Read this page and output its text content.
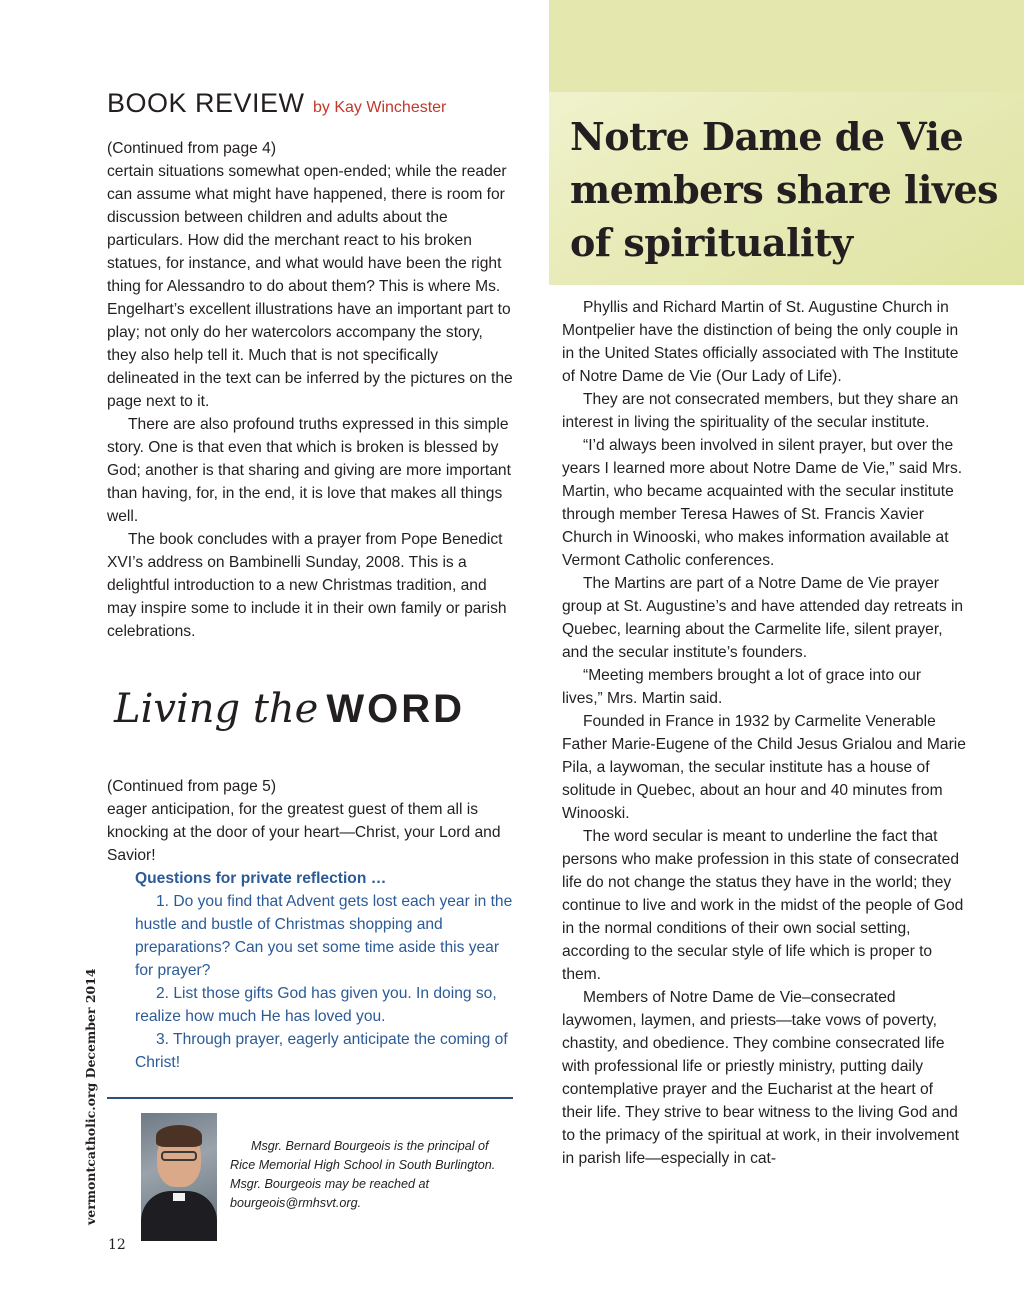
Notre Dame de Vie members share lives of spirituality
BOOK REVIEW by Kay Winchester

(Continued from page 4)

certain situations somewhat open-ended; while the reader can assume what might have happened, there is room for discussion between children and adults about the particulars. How did the merchant react to his broken statues, for instance, and what would have been the right thing for Alessandro to do about them? This is where Ms. Engelhart’s excellent illustrations have an important part to play; not only do her watercolors accompany the story, they also help tell it. Much that is not specifically delineated in the text can be inferred by the pictures on the page next to it.

There are also profound truths expressed in this simple story. One is that even that which is broken is blessed by God; another is that sharing and giving are more important than having, for, in the end, it is love that makes all things well.

The book concludes with a prayer from Pope Benedict XVI’s address on Bambinelli Sunday, 2008. This is a delightful introduction to a new Christmas tradition, and may inspire some to include it in their own family or parish celebrations.

Living the WORD

(Continued from page 5)

eager anticipation, for the greatest guest of them all is knocking at the door of your heart—Christ, your Lord and Savior!

Questions for private reflection …

1. Do you find that Advent gets lost each year in the hustle and bustle of Christmas shopping and preparations? Can you set some time aside this year for prayer?

2. List those gifts God has given you. In doing so, realize how much He has loved you.

3. Through prayer, eagerly anticipate the coming of Christ!

Msgr. Bernard Bourgeois is the principal of Rice Memorial High School in South Burlington. Msgr. Bourgeois may be reached at bourgeois@rmhsvt.org.

Phyllis and Richard Martin of St. Augustine Church in Montpelier have the distinction of being the only couple in in the United States officially associated with The Institute of Notre Dame de Vie (Our Lady of Life).

They are not consecrated members, but they share an interest in living the spirituality of the secular institute.

“I’d always been involved in silent prayer, but over the years I learned more about Notre Dame de Vie,” said Mrs. Martin, who became acquainted with the secular institute through member Teresa Hawes of St. Francis Xavier Church in Winooski, who makes information available at Vermont Catholic conferences.

The Martins are part of a Notre Dame de Vie prayer group at St. Augustine’s and have attended day retreats in Quebec, learning about the Carmelite life, silent prayer, and the secular institute’s founders.

“Meeting members brought a lot of grace into our lives,” Mrs. Martin said.

Founded in France in 1932 by Carmelite Venerable Father Marie-Eugene of the Child Jesus Grialou and Marie Pila, a laywoman, the secular institute has a house of solitude in Quebec, about an hour and 40 minutes from Winooski.

The word secular is meant to underline the fact that persons who make profession in this state of consecrated life do not change the status they have in the world; they continue to live and work in the midst of the people of God in the normal conditions of their own social setting, according to the secular style of life which is proper to them.

Members of Notre Dame de Vie–consecrated laywomen, laymen, and priests—take vows of poverty, chastity, and obedience. They combine consecrated life with professional life or priestly ministry, putting daily contemplative prayer and the Eucharist at the heart of their life. They strive to bear witness to the living God and to the primacy of the spiritual at work, in their involvement in parish life—especially in cat-

vermontcatholic.org December 2014
12
